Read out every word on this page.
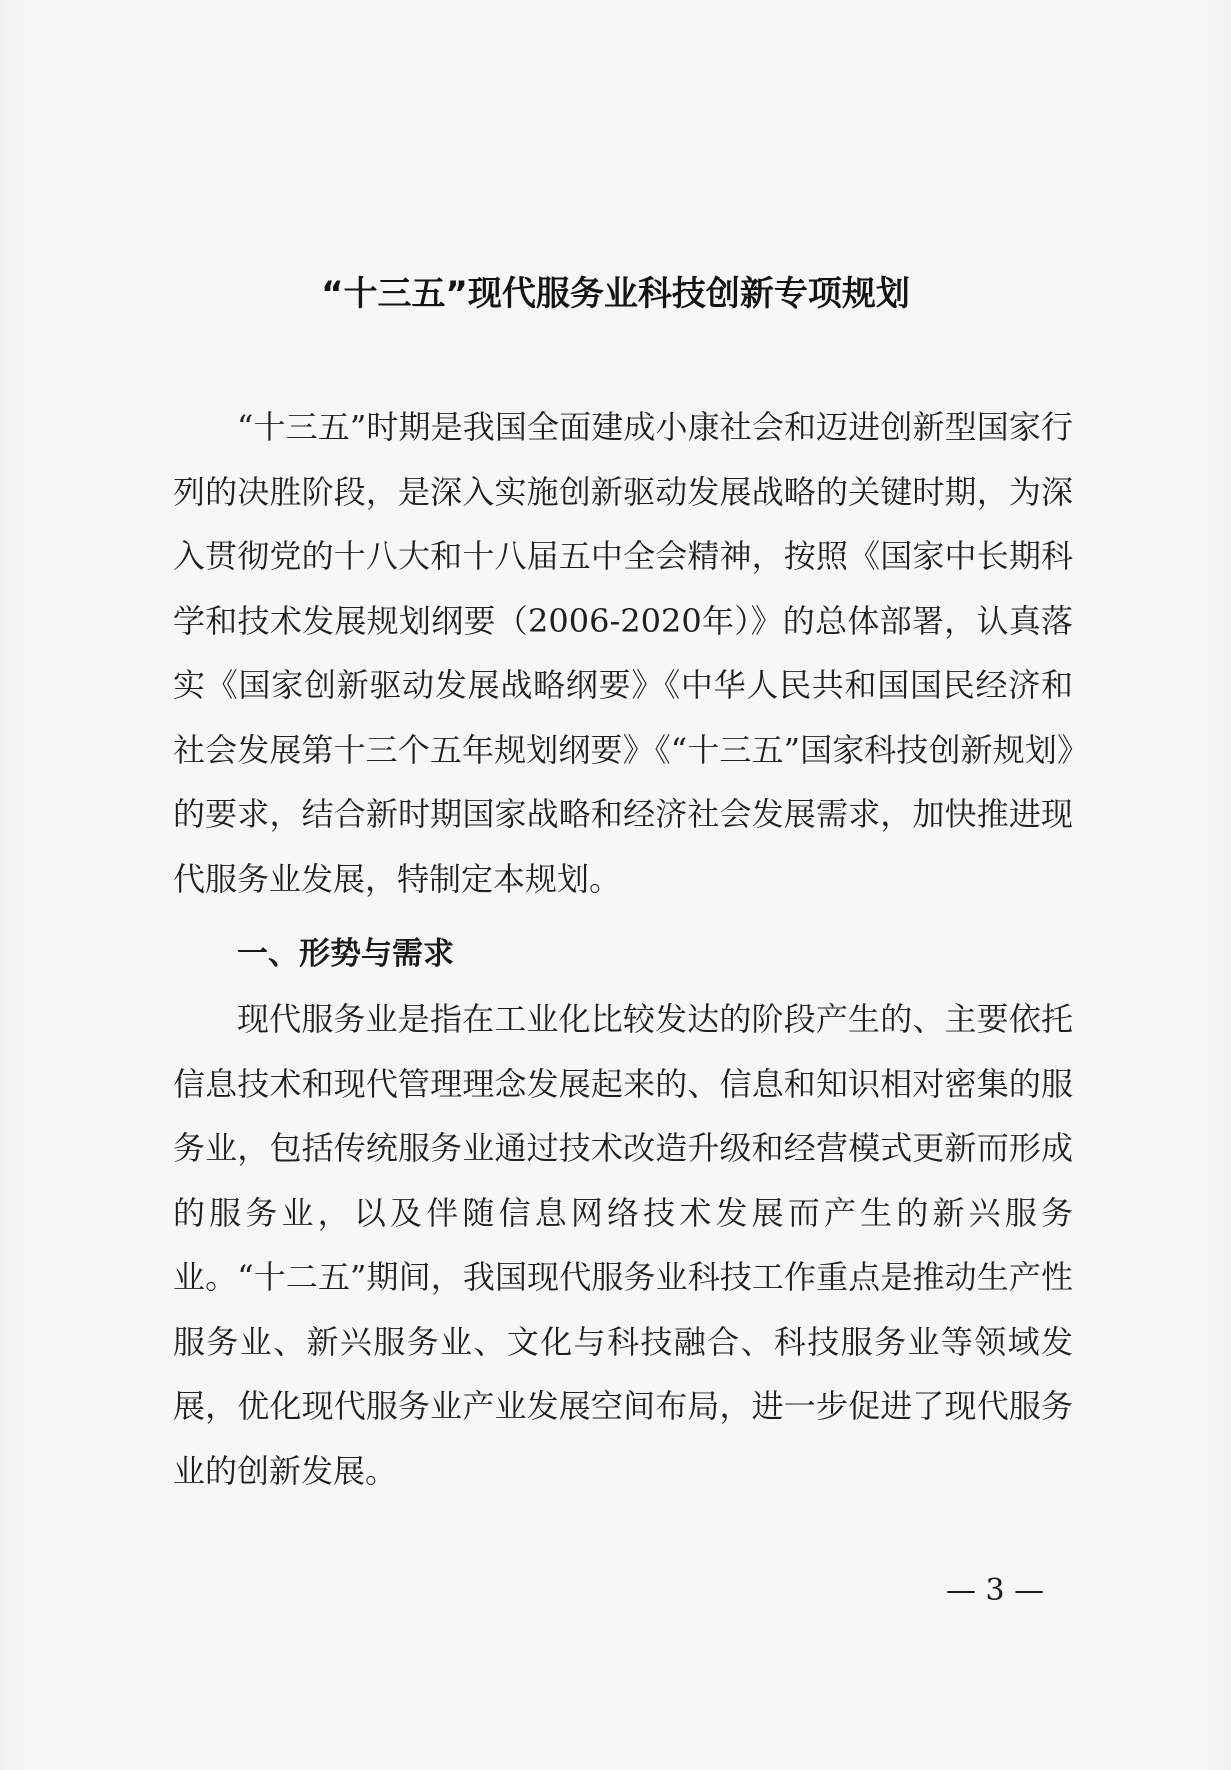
“十三五”现代服务业科技创新专项规划

“十三五”时期是我国全面建成小康社会和迈进创新型国家行列的决胜阶段，是深入实施创新驱动发展战略的关键时期，为深入贯彻党的十八大和十八届五中全会精神，按照《国家中长期科学和技术发展规划纲要（2006-2020年）》的总体部署，认真落实《国家创新驱动发展战略纲要》《中华人民共和国国民经济和社会发展第十三个五年规划纲要》《“十三五”国家科技创新规划》的要求，结合新时期国家战略和经济社会发展需求，加快推进现代服务业发展，特制定本规划。

一、形势与需求

现代服务业是指在工业化比较发达的阶段产生的、主要依托信息技术和现代管理理念发展起来的、信息和知识相对密集的服务业，包括传统服务业通过技术改造升级和经营模式更新而形成的服务业，以及伴随信息网络技术发展而产生的新兴服务业。“十二五”期间，我国现代服务业科技工作重点是推动生产性服务业、新兴服务业、文化与科技融合、科技服务业等领域发展，优化现代服务业产业发展空间布局，进一步促进了现代服务业的创新发展。

— 3 —
